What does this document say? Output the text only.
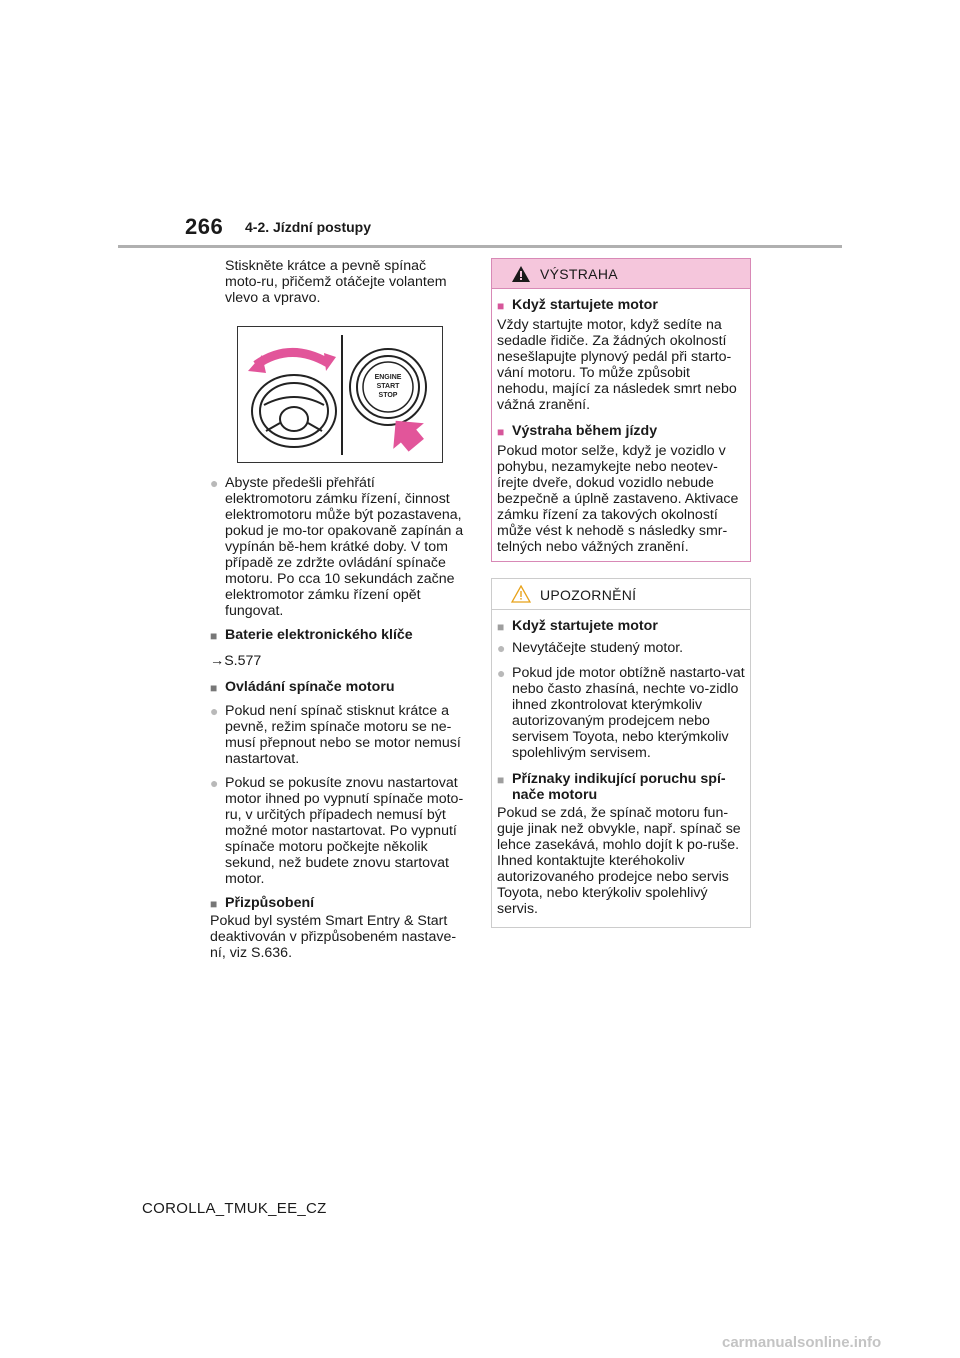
266 4-2. Jízdní postupy

Stiskněte krátce a pevně spínač moto-ru, přičemž otáčejte volantem vlevo a vpravo.

ENGINE
START
STOP
● Abyste předešli přehřátí elektromotoru zámku řízení, činnost elektromotoru může být pozastavena, pokud je mo-tor opakovaně zapínán a vypínán bě-hem krátké doby. V tom případě ze zdržte ovládání spínače motoru. Po cca 10 sekundách začne elektromotor zámku řízení opět fungovat.
■ Baterie elektronického klíče
→S.577
■ Ovládání spínače motoru
● Pokud není spínač stisknut krátce a pevně, režim spínače motoru se ne-musí přepnout nebo se motor nemusí nastartovat.
● Pokud se pokusíte znovu nastartovat motor ihned po vypnutí spínače moto-ru, v určitých případech nemusí být možné motor nastartovat. Po vypnutí spínače motoru počkejte několik sekund, než budete znovu startovat motor.
■ Přizpůsobení

Pokud byl systém Smart Entry & Start deaktivován v přizpůsobeném nastave-ní, viz S.636.

VÝSTRAHA
■ Když startujete motor

Vždy startujte motor, když sedíte na sedadle řidiče. Za žádných okolností nesešlapujte plynový pedál při starto-vání motoru. To může způsobit nehodu, mající za následek smrt nebo vážná zranění.

■ Výstraha během jízdy

Pokud motor selže, když je vozidlo v pohybu, nezamykejte nebo neotev-írejte dveře, dokud vozidlo nebude bezpečně a úplně zastaveno. Aktivace zámku řízení za takových okolností může vést k nehodě s následky smr-telných nebo vážných zranění.

UPOZORNĚNÍ
■ Když startujete motor
● Nevytáčejte studený motor.
● Pokud jde motor obtížně nastarto-vat nebo často zhasíná, nechte vo-zidlo ihned zkontrolovat kterýmkoliv autorizovaným prodejcem nebo servisem Toyota, nebo kterýmkoliv spolehlivým servisem.
■ Příznaky indikující poruchu spí-nače motoru

Pokud se zdá, že spínač motoru fun-guje jinak než obvykle, např. spínač se lehce zasekává, mohlo dojít k po-ruše. Ihned kontaktujte kteréhokoliv autorizovaného prodejce nebo servis Toyota, nebo kterýkoliv spolehlivý servis.

COROLLA_TMUK_EE_CZ
carmanualsonline.info
